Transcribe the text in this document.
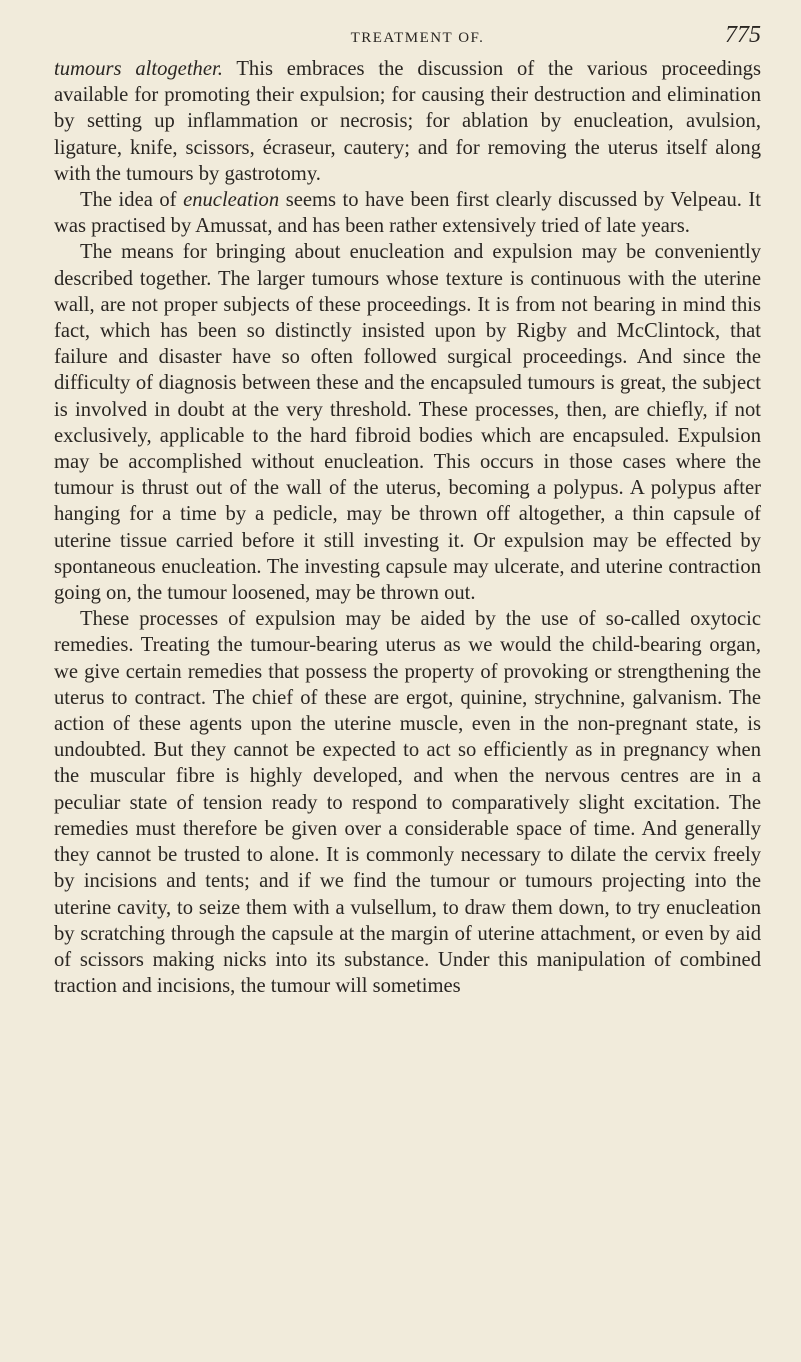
TREATMENT OF.	775

tumours altogether. This embraces the discussion of the various proceedings available for promoting their expulsion; for causing their destruction and elimination by setting up inflammation or necrosis; for ablation by enucleation, avulsion, ligature, knife, scissors, écraseur, cautery; and for removing the uterus itself along with the tumours by gastrotomy.

The idea of enucleation seems to have been first clearly discussed by Velpeau. It was practised by Amussat, and has been rather extensively tried of late years.

The means for bringing about enucleation and expulsion may be conveniently described together. The larger tumours whose texture is continuous with the uterine wall, are not proper subjects of these proceedings. It is from not bearing in mind this fact, which has been so distinctly insisted upon by Rigby and McClintock, that failure and disaster have so often followed surgical proceedings. And since the difficulty of diagnosis between these and the encapsuled tumours is great, the subject is involved in doubt at the very threshold. These processes, then, are chiefly, if not exclusively, applicable to the hard fibroid bodies which are encapsuled. Expulsion may be accomplished without enucleation. This occurs in those cases where the tumour is thrust out of the wall of the uterus, becoming a polypus. A polypus after hanging for a time by a pedicle, may be thrown off altogether, a thin capsule of uterine tissue carried before it still investing it. Or expulsion may be effected by spontaneous enucleation. The investing capsule may ulcerate, and uterine contraction going on, the tumour loosened, may be thrown out.

These processes of expulsion may be aided by the use of so-called oxytocic remedies. Treating the tumour-bearing uterus as we would the child-bearing organ, we give certain remedies that possess the property of provoking or strengthening the uterus to contract. The chief of these are ergot, quinine, strychnine, galvanism. The action of these agents upon the uterine muscle, even in the non-pregnant state, is undoubted. But they cannot be expected to act so efficiently as in pregnancy when the muscular fibre is highly developed, and when the nervous centres are in a peculiar state of tension ready to respond to comparatively slight excitation. The remedies must therefore be given over a considerable space of time. And generally they cannot be trusted to alone. It is commonly necessary to dilate the cervix freely by incisions and tents; and if we find the tumour or tumours projecting into the uterine cavity, to seize them with a vulsellum, to draw them down, to try enucleation by scratching through the capsule at the margin of uterine attachment, or even by aid of scissors making nicks into its substance. Under this manipulation of combined traction and incisions, the tumour will sometimes
